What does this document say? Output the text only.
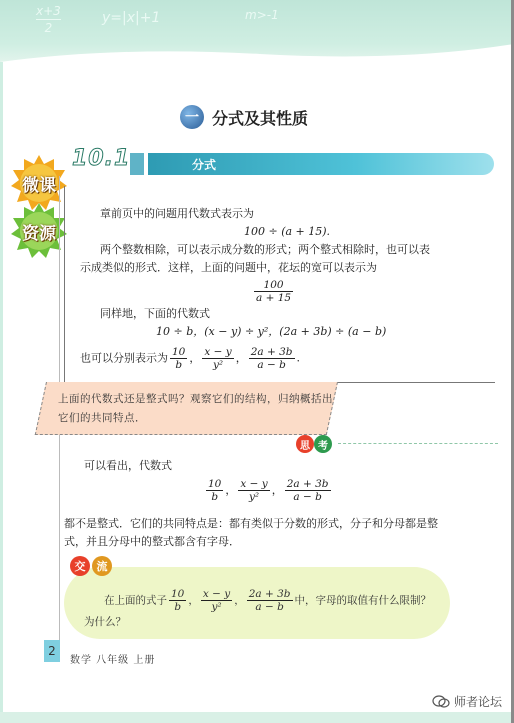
x+3
2
y=|x|+1	m>-1
一 分式及其性质
分式
10.1
微课
资源
章前页中的问题用代数式表示为
100 ÷ (a + 15).
两个整数相除，可以表示成分数的形式；两个整式相除时，也可以表
示成类似的形式．这样，上面的问题中，花坛的宽可以表示为
$\frac{100}{a + 15}$
同样地，下面的代数式
10 ÷ b，(x − y) ÷ y²，(2a + 3b) ÷ (a − b)
也可以分别表示为 $\frac{10}{b}$ ， $\frac{x - y}{\text{y²}}$ ， $\frac{2a + 3b}{a - b}$ .
上面的代数式还是整式吗？观察它们的结构，归纳概括出它们的共同特点．
思 考
可以看出，代数式
$\frac{10}{b}$ ， $\frac{x - y}{\text{y²}}$ ， $\frac{2a + 3b}{a - b}$
都不是整式．它们的共同特点是：都有类似于分数的形式，分子和分母都是整
式，并且分母中的整式都含有字母．
交	流
在上面的式子 $\frac{10}{b}$ ， $\frac{x - y}{\text{y²}}$ ， $\frac{2a + 3b}{a - b}$ 中，字母的取值有什么限制？
为什么？
2
数学 八年级 上册
师者论坛
